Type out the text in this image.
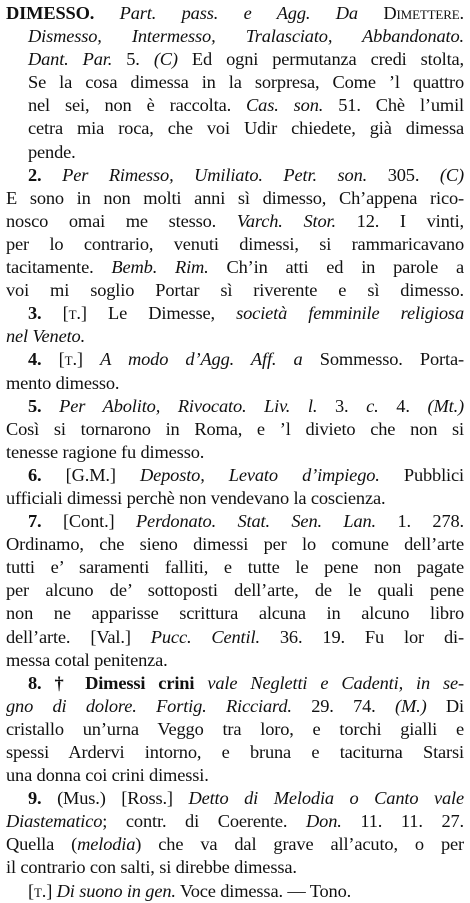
DIMESSO. Part. pass. e Agg. Da Dimettere.
Dismesso, Intermesso, Tralasciato, Abbandonato.
Dant. Par. 5. (C) Ed ogni permutanza credi stolta,
Se la cosa dimessa in la sorpresa, Come ’l quattro
nel sei, non è raccolta. Cas. son. 51. Chè l’umil
cetra mia roca, che voi Udir chiedete, già dimessa
pende.
2. Per Rimesso, Umiliato. Petr. son. 305. (C)
E sono in non molti anni sì dimesso, Ch’appena rico-
nosco omai me stesso. Varch. Stor. 12. I vinti,
per lo contrario, venuti dimessi, si rammaricavano
tacitamente. Bemb. Rim. Ch’in atti ed in parole a
voi mi soglio Portar sì riverente e sì dimesso.
3. [t.] Le Dimesse, società femminile religiosa
nel Veneto.
4. [t.] A modo d’Agg. Aff. a Sommesso. Porta-
mento dimesso.
5. Per Abolito, Rivocato. Liv. l. 3. c. 4. (Mt.)
Così si tornarono in Roma, e ’l divieto che non si
tenesse ragione fu dimesso.
6. [G.M.] Deposto, Levato d’impiego. Pubblici
ufficiali dimessi perchè non vendevano la coscienza.
7. [Cont.] Perdonato. Stat. Sen. Lan. 1. 278.
Ordinamo, che sieno dimessi per lo comune dell’arte
tutti e’ saramenti falliti, e tutte le pene non pagate
per alcuno de’ sottoposti dell’arte, de le quali pene
non ne apparisse scrittura alcuna in alcuno libro
dell’arte. [Val.] Pucc. Centil. 36. 19. Fu lor di-
messa cotal penitenza.
8. † Dimessi crini vale Negletti e Cadenti, in se-
gno di dolore. Fortig. Ricciard. 29. 74. (M.) Di
cristallo un’urna Veggo tra loro, e torchi gialli e
spessi Ardervi intorno, e bruna e taciturna Starsi
una donna coi crini dimessi.
9. (Mus.) [Ross.] Detto di Melodia o Canto vale
Diastematico; contr. di Coerente. Don. 11. 11. 27.
Quella (melodia) che va dal grave all’acuto, o per
il contrario con salti, si direbbe dimessa.
[t.] Di suono in gen. Voce dimessa. — Tono.
